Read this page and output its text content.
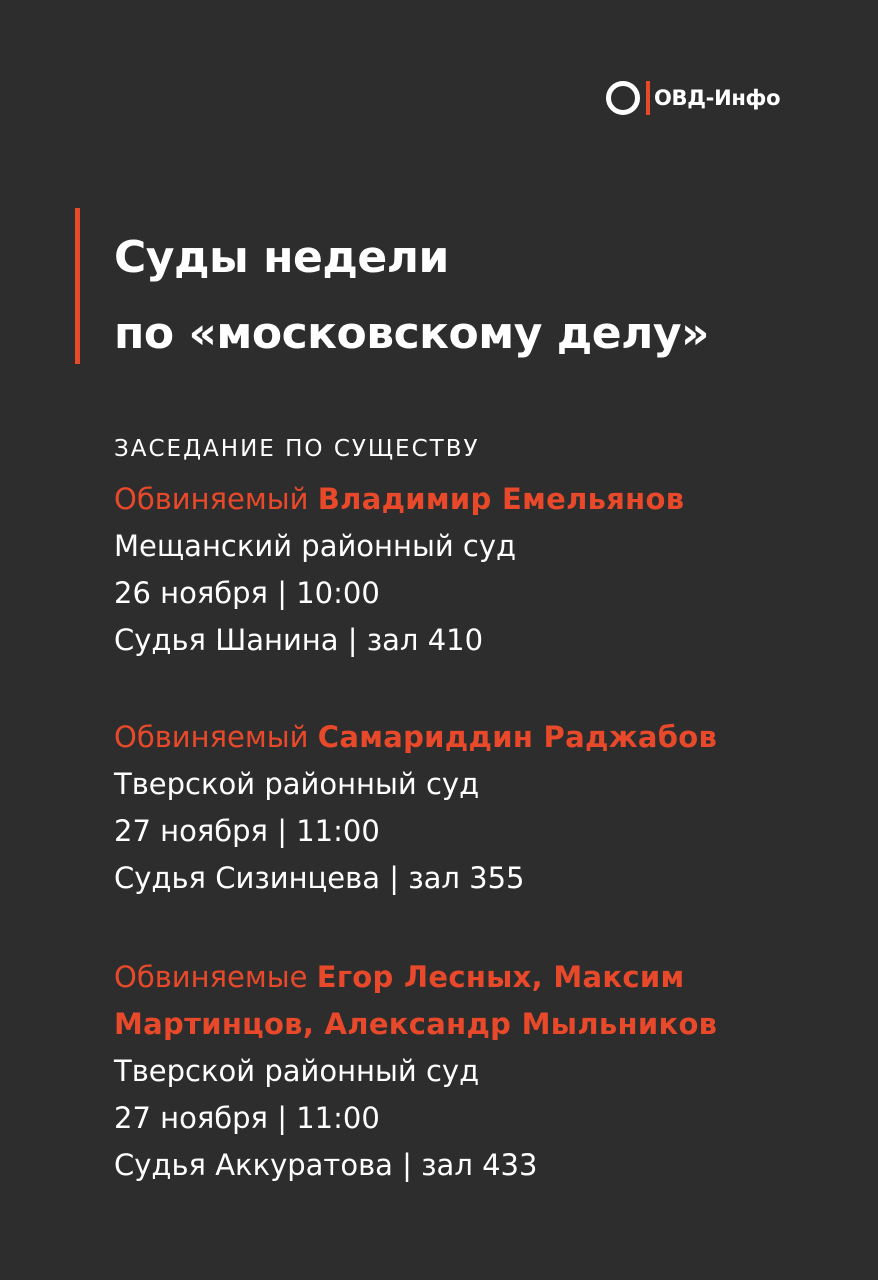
ОВД-Инфо
Суды недели
по «московскому делу»
ЗАСЕДАНИЕ ПО СУЩЕСТВУ
Обвиняемый Владимир Емельянов
Мещанский районный суд
26 ноября | 10:00
Судья Шанина | зал 410
Обвиняемый Самариддин Раджабов
Тверской районный суд
27 ноября | 11:00
Судья Сизинцева | зал 355
Обвиняемые Егор Лесных, Максим Мартинцов, Александр Мыльников
Тверской районный суд
27 ноября | 11:00
Судья Аккуратова | зал 433
